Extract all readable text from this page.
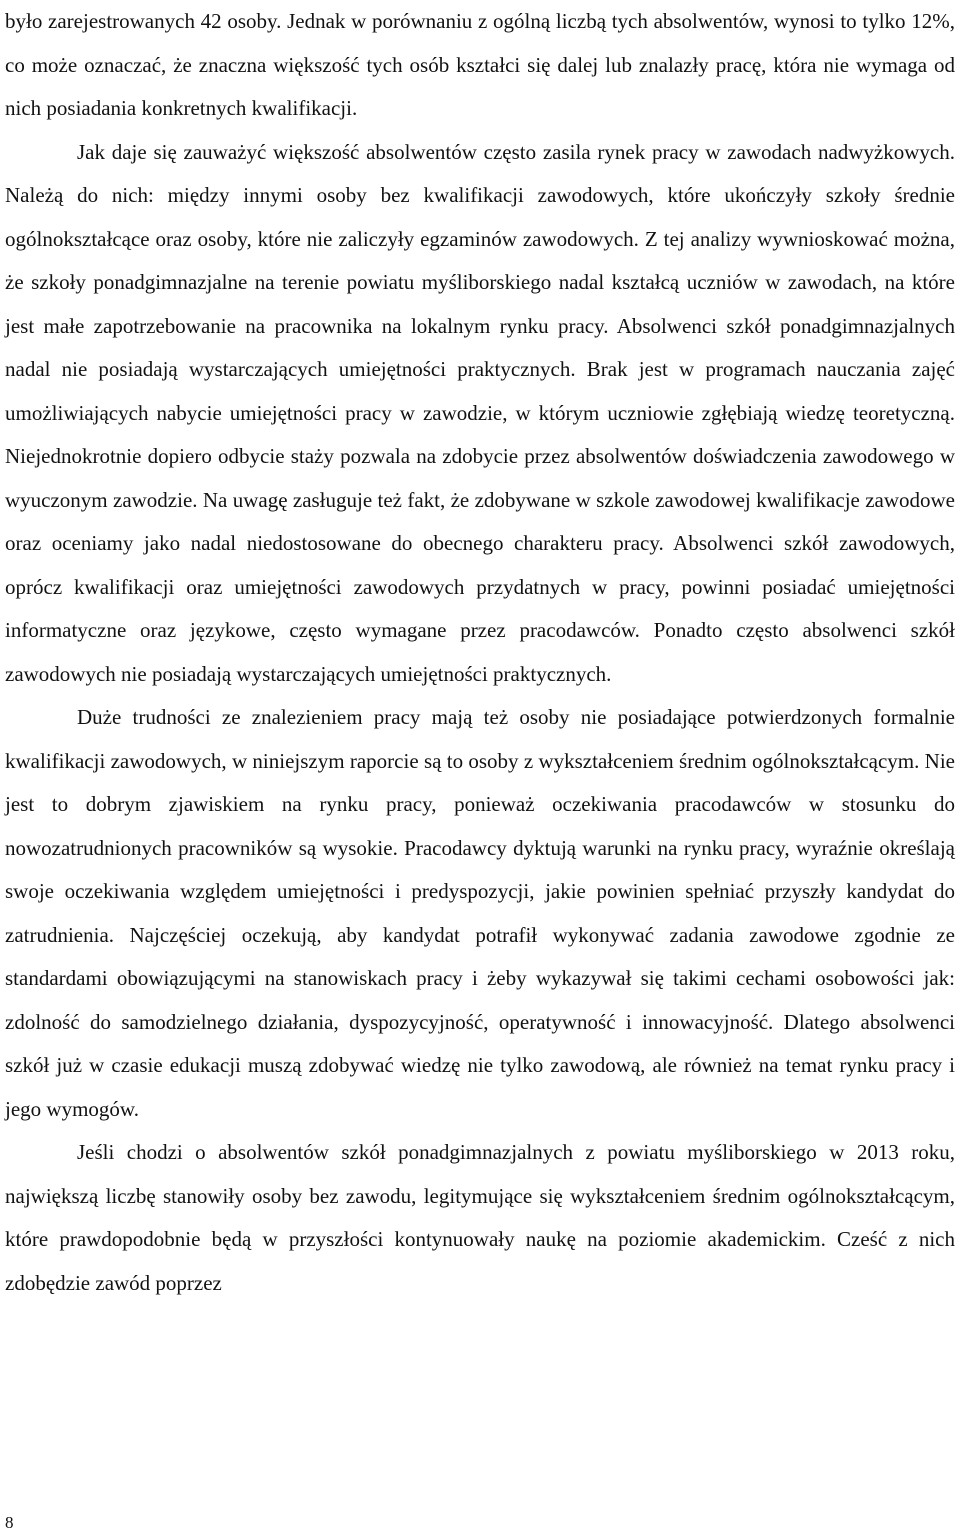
było zarejestrowanych 42 osoby. Jednak w porównaniu z ogólną liczbą tych absolwentów, wynosi to tylko 12%, co może oznaczać, że znaczna większość tych osób kształci się dalej lub znalazły pracę, która nie wymaga od nich posiadania konkretnych kwalifikacji.

Jak daje się zauważyć większość absolwentów często zasila rynek pracy w zawodach nadwyżkowych. Należą do nich: między innymi osoby bez kwalifikacji zawodowych, które ukończyły szkoły średnie ogólnokształcące oraz osoby, które nie zaliczyły egzaminów zawodowych. Z tej analizy wywnioskować można, że szkoły ponadgimnazjalne na terenie powiatu myśliborskiego nadal kształcą uczniów w zawodach, na które jest małe zapotrzebowanie na pracownika na lokalnym rynku pracy. Absolwenci szkół ponadgimnazjalnych nadal nie posiadają wystarczających umiejętności praktycznych. Brak jest w programach nauczania zajęć umożliwiających nabycie umiejętności pracy w zawodzie, w którym uczniowie zgłębiają wiedzę teoretyczną. Niejednokrotnie dopiero odbycie staży pozwala na zdobycie przez absolwentów doświadczenia zawodowego w wyuczonym zawodzie. Na uwagę zasługuje też fakt, że zdobywane w szkole zawodowej kwalifikacje zawodowe oraz oceniamy jako nadal niedostosowane do obecnego charakteru pracy. Absolwenci szkół zawodowych, oprócz kwalifikacji oraz umiejętności zawodowych przydatnych w pracy, powinni posiadać umiejętności informatyczne oraz językowe, często wymagane przez pracodawców. Ponadto często absolwenci szkół zawodowych nie posiadają wystarczających umiejętności praktycznych.

Duże trudności ze znalezieniem pracy mają też osoby nie posiadające potwierdzonych formalnie kwalifikacji zawodowych, w niniejszym raporcie są to osoby z wykształceniem średnim ogólnokształcącym. Nie jest to dobrym zjawiskiem na rynku pracy, ponieważ oczekiwania pracodawców w stosunku do nowozatrudnionych pracowników są wysokie. Pracodawcy dyktują warunki na rynku pracy, wyraźnie określają swoje oczekiwania względem umiejętności i predyspozycji, jakie powinien spełniać przyszły kandydat do zatrudnienia. Najczęściej oczekują, aby kandydat potrafił wykonywać zadania zawodowe zgodnie ze standardami obowiązującymi na stanowiskach pracy i żeby wykazywał się takimi cechami osobowości jak: zdolność do samodzielnego działania, dyspozycyjność, operatywność i innowacyjność. Dlatego absolwenci szkół już w czasie edukacji muszą zdobywać wiedzę nie tylko zawodową, ale również na temat rynku pracy i jego wymogów.

Jeśli chodzi o absolwentów szkół ponadgimnazjalnych z powiatu myśliborskiego w 2013 roku, największą liczbę stanowiły osoby bez zawodu, legitymujące się wykształceniem średnim ogólnokształcącym, które prawdopodobnie będą w przyszłości kontynuowały naukę na poziomie akademickim. Cześć z nich zdobędzie zawód poprzez

8
